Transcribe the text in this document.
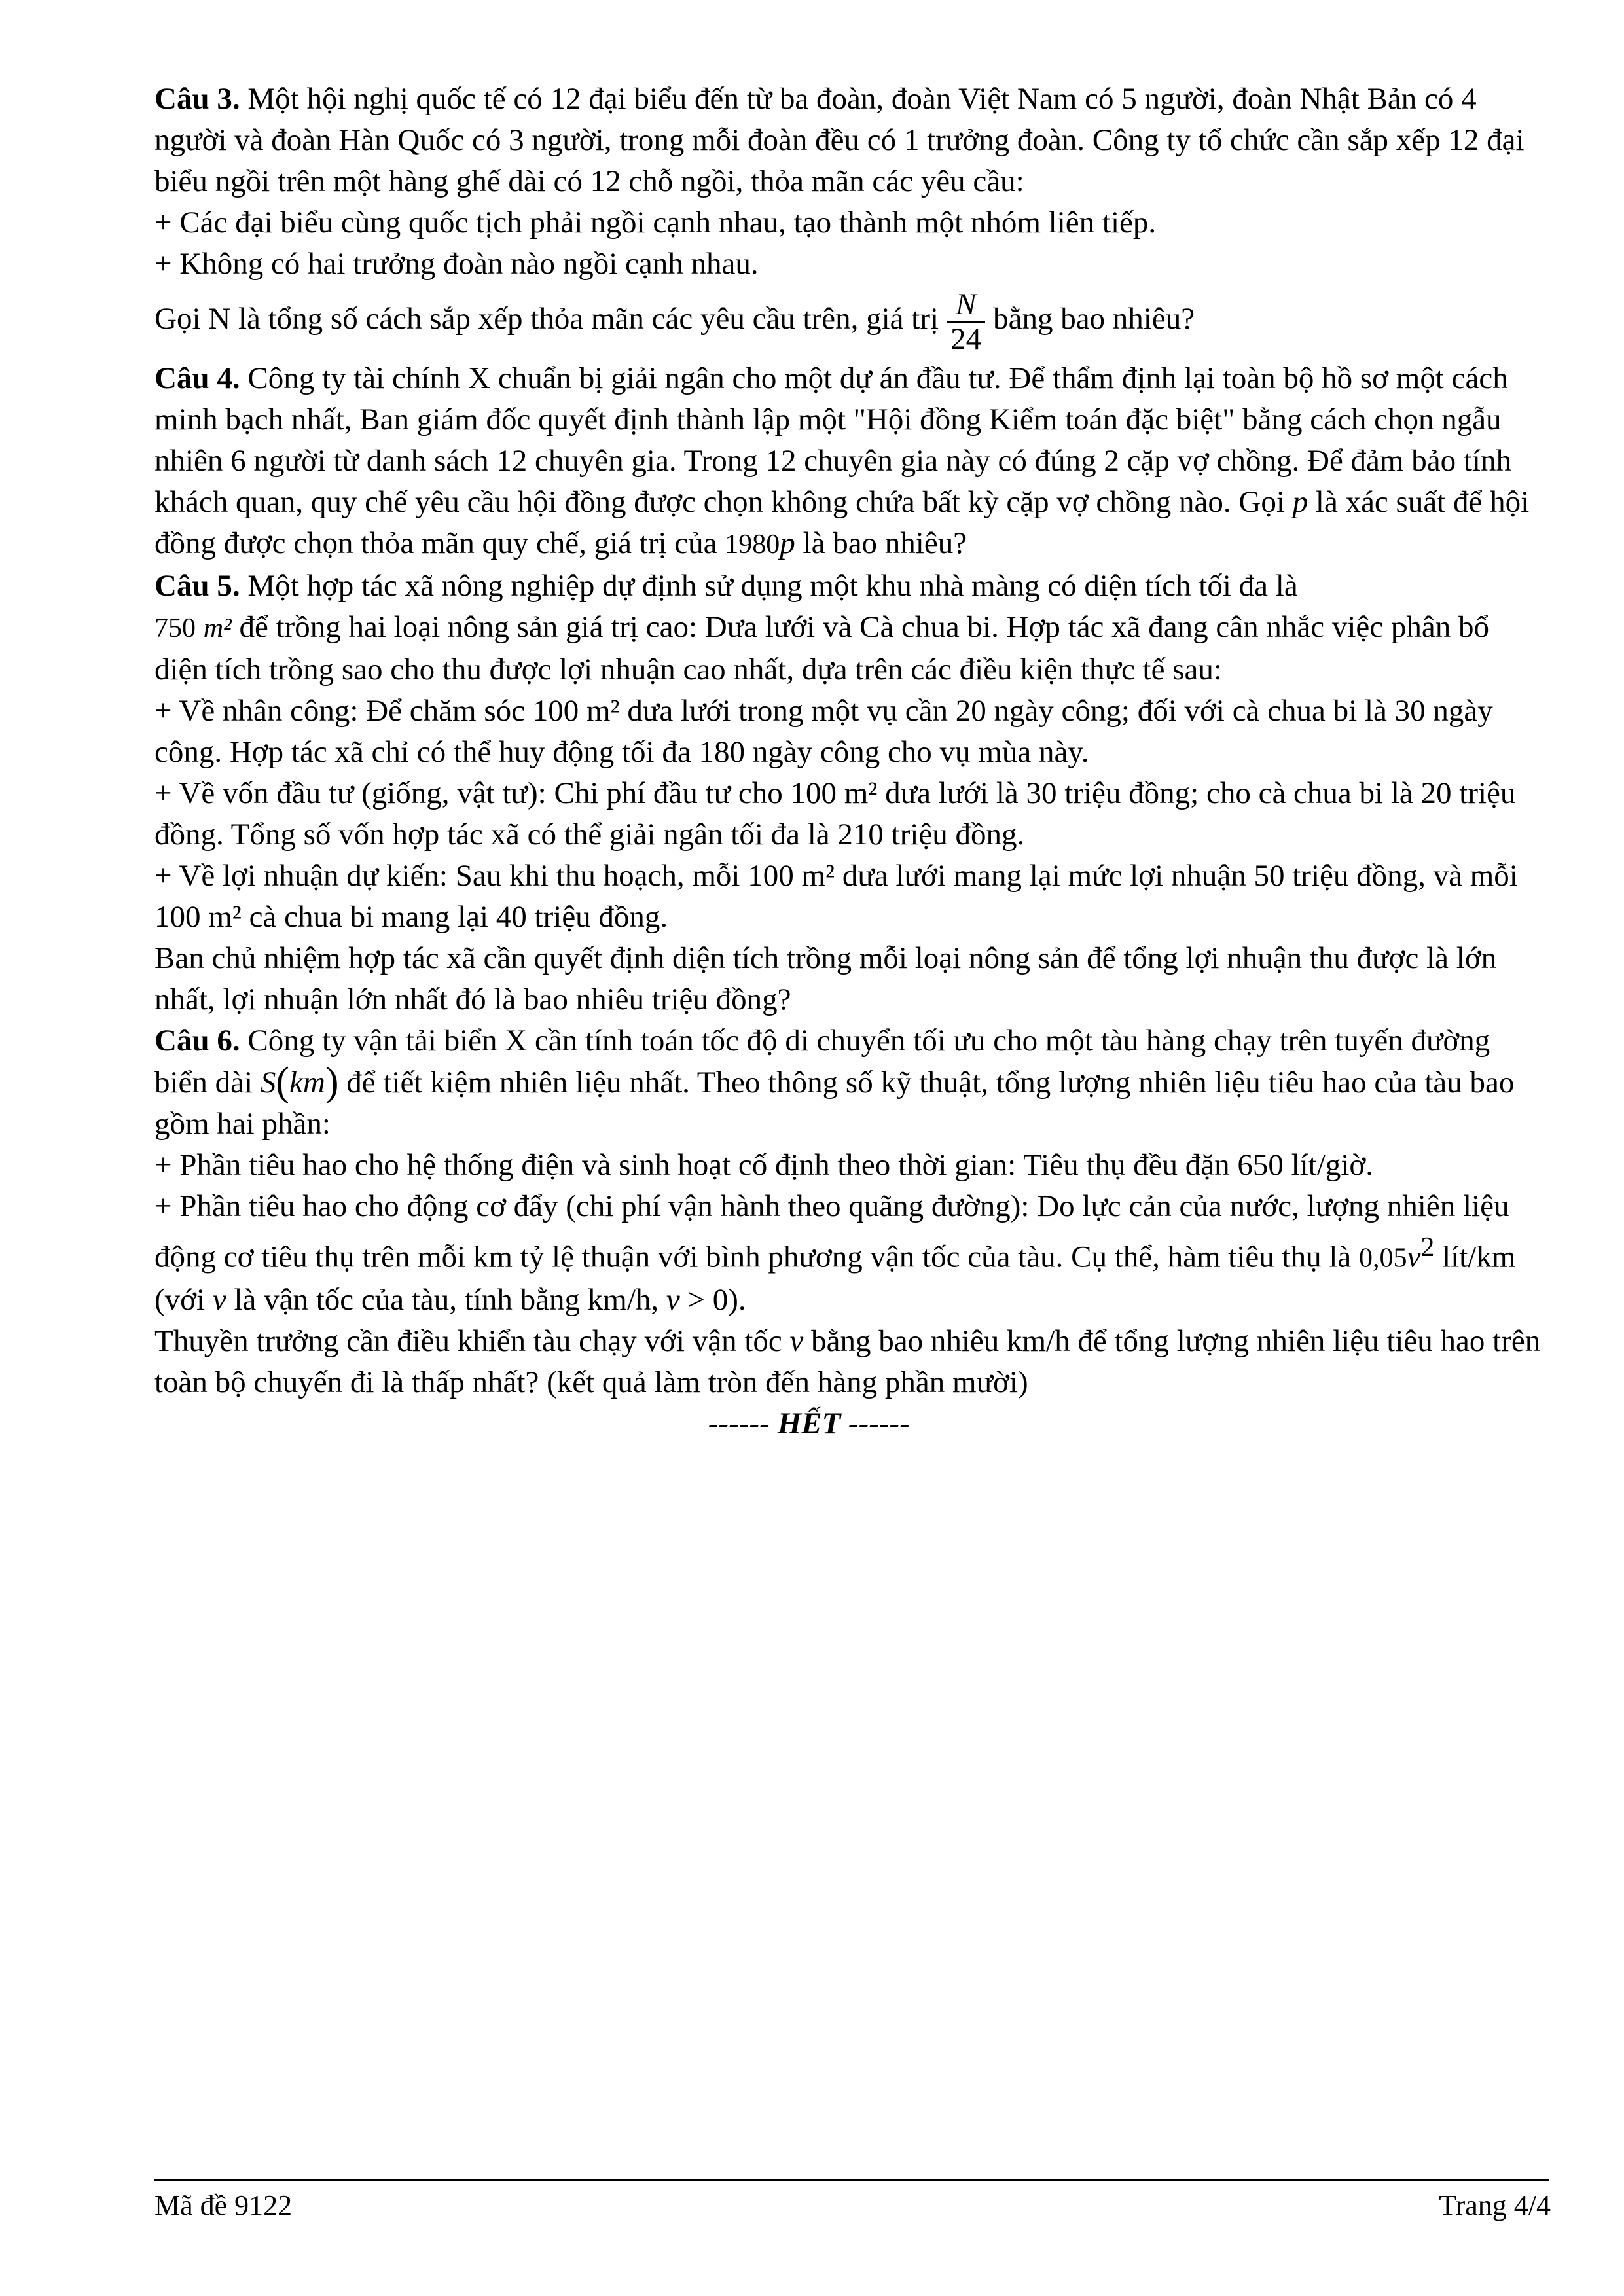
Câu 3. Một hội nghị quốc tế có 12 đại biểu đến từ ba đoàn, đoàn Việt Nam có 5 người, đoàn Nhật Bản có 4 người và đoàn Hàn Quốc có 3 người, trong mỗi đoàn đều có 1 trưởng đoàn. Công ty tổ chức cần sắp xếp 12 đại biểu ngồi trên một hàng ghế dài có 12 chỗ ngồi, thỏa mãn các yêu cầu:

+ Các đại biểu cùng quốc tịch phải ngồi cạnh nhau, tạo thành một nhóm liên tiếp.

+ Không có hai trưởng đoàn nào ngồi cạnh nhau.

Gọi N là tổng số cách sắp xếp thỏa mãn các yêu cầu trên, giá trị $\frac{N}{24}$ bằng bao nhiêu?

Câu 4. Công ty tài chính X chuẩn bị giải ngân cho một dự án đầu tư. Để thẩm định lại toàn bộ hồ sơ một cách minh bạch nhất, Ban giám đốc quyết định thành lập một "Hội đồng Kiểm toán đặc biệt" bằng cách chọn ngẫu nhiên 6 người từ danh sách 12 chuyên gia. Trong 12 chuyên gia này có đúng 2 cặp vợ chồng. Để đảm bảo tính khách quan, quy chế yêu cầu hội đồng được chọn không chứa bất kỳ cặp vợ chồng nào. Gọi p là xác suất để hội đồng được chọn thỏa mãn quy chế, giá trị của 1980p là bao nhiêu?

Câu 5. Một hợp tác xã nông nghiệp dự định sử dụng một khu nhà màng có diện tích tối đa là
750 m² để trồng hai loại nông sản giá trị cao: Dưa lưới và Cà chua bi. Hợp tác xã đang cân nhắc việc phân bổ diện tích trồng sao cho thu được lợi nhuận cao nhất, dựa trên các điều kiện thực tế sau:

+ Về nhân công: Để chăm sóc 100 m² dưa lưới trong một vụ cần 20 ngày công; đối với cà chua bi là 30 ngày công. Hợp tác xã chỉ có thể huy động tối đa 180 ngày công cho vụ mùa này.

+ Về vốn đầu tư (giống, vật tư): Chi phí đầu tư cho 100 m² dưa lưới là 30 triệu đồng; cho cà chua bi là 20 triệu đồng. Tổng số vốn hợp tác xã có thể giải ngân tối đa là 210 triệu đồng.

+ Về lợi nhuận dự kiến: Sau khi thu hoạch, mỗi 100 m² dưa lưới mang lại mức lợi nhuận 50 triệu đồng, và mỗi 100 m² cà chua bi mang lại 40 triệu đồng.

Ban chủ nhiệm hợp tác xã cần quyết định diện tích trồng mỗi loại nông sản để tổng lợi nhuận thu được là lớn nhất, lợi nhuận lớn nhất đó là bao nhiêu triệu đồng?

Câu 6. Công ty vận tải biển X cần tính toán tốc độ di chuyển tối ưu cho một tàu hàng chạy trên tuyến đường biển dài S(km) để tiết kiệm nhiên liệu nhất. Theo thông số kỹ thuật, tổng lượng nhiên liệu tiêu hao của tàu bao gồm hai phần:

+ Phần tiêu hao cho hệ thống điện và sinh hoạt cố định theo thời gian: Tiêu thụ đều đặn 650 lít/giờ.

+ Phần tiêu hao cho động cơ đẩy (chi phí vận hành theo quãng đường): Do lực cản của nước, lượng nhiên liệu động cơ tiêu thụ trên mỗi km tỷ lệ thuận với bình phương vận tốc của tàu. Cụ thể, hàm tiêu thụ là $0,05v^2$ lít/km (với v là vận tốc của tàu, tính bằng km/h, v > 0).

Thuyền trưởng cần điều khiển tàu chạy với vận tốc v bằng bao nhiêu km/h để tổng lượng nhiên liệu tiêu hao trên toàn bộ chuyến đi là thấp nhất? (kết quả làm tròn đến hàng phần mười)

------ HẾT ------

Mã đề 9122	Trang 4/4
